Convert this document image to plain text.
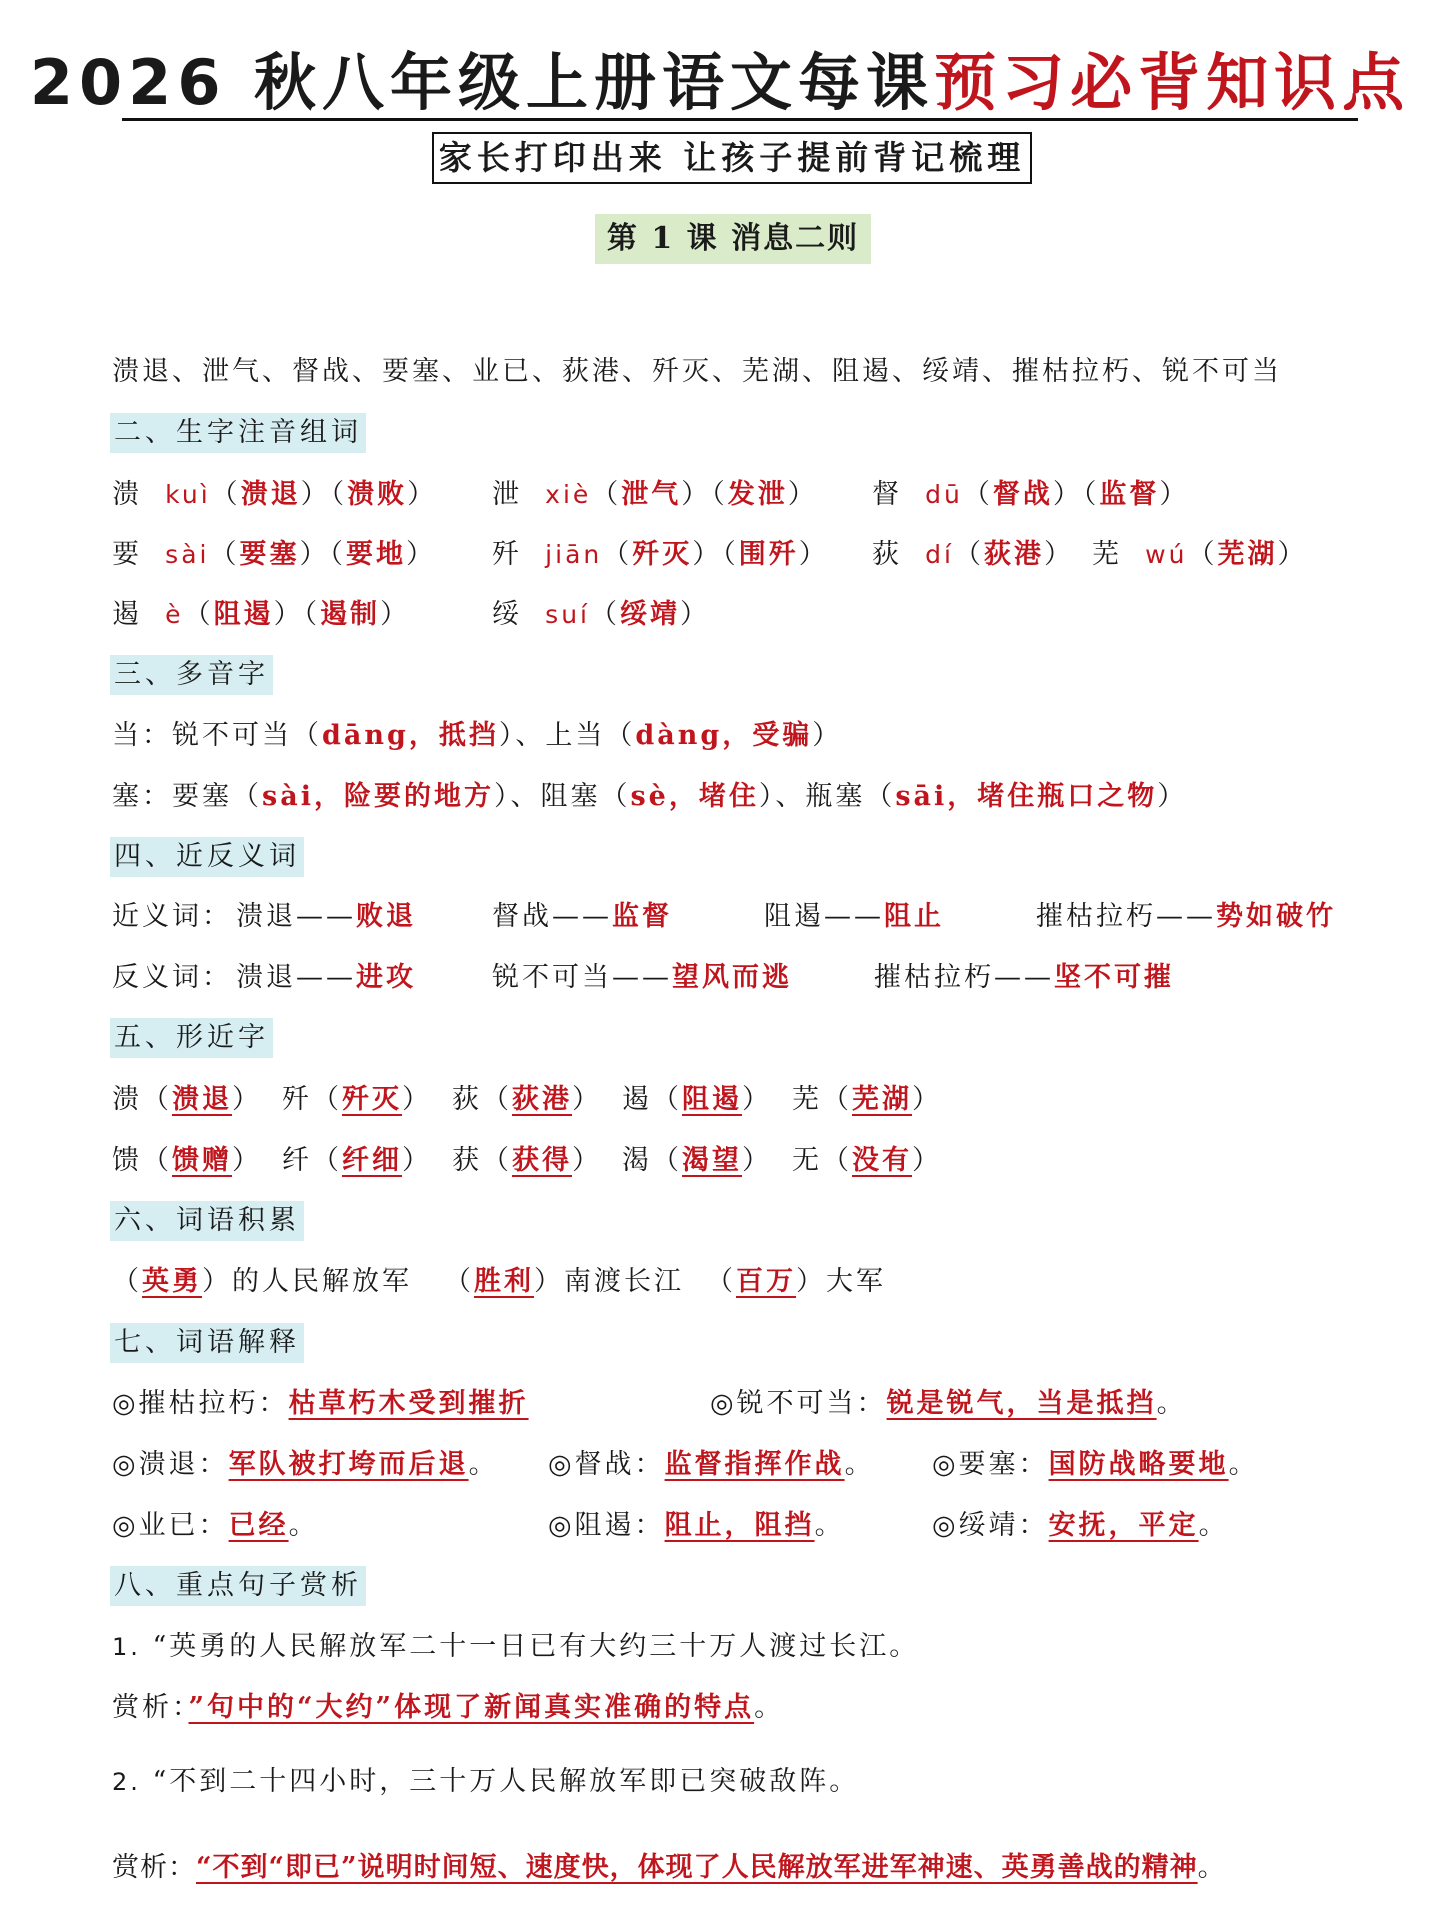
2026 秋八年级上册语文每课预习必背知识点
家长打印出来 让孩子提前背记梳理
第 1 课 消息二则
溃退、泄气、督战、要塞、业已、荻港、歼灭、芜湖、阻遏、绥靖、摧枯拉朽、锐不可当
二、生字注音组词
溃 kuì（溃退）（溃败） 泄 xiè（泄气）（发泄） 督 dū（督战）（监督）
要 sài（要塞）（要地） 歼 jiān（歼灭）（围歼） 荻 dí（荻港） 芜 wú（芜湖）
遏 è（阻遏）（遏制）	绥 suí（绥靖）
三、多音字
当：锐不可当（dāng，抵挡）、上当（dàng，受骗）
塞：要塞（sài，险要的地方）、阻塞（sè，堵住）、瓶塞（sāi，堵住瓶口之物）
四、近反义词
近义词： 溃退——败退	督战——监督	阻遏——阻止	摧枯拉朽——势如破竹
反义词： 溃退——进攻	锐不可当——望风而逃	摧枯拉朽——坚不可摧
五、形近字
溃（溃退） 歼（歼灭） 荻（荻港） 遏（阻遏） 芜（芜湖）
馈（馈赠） 纤（纤细） 获（获得） 渴（渴望） 无（没有）
六、词语积累
（英勇）的人民解放军 （胜利）南渡长江 （百万）大军
七、词语解释
◎摧枯拉朽：枯草朽木受到摧折	◎锐不可当：锐是锐气，当是抵挡。
◎溃退：军队被打垮而后退。 ◎督战：监督指挥作战。 ◎要塞：国防战略要地。
◎业已：已经。	◎阻遏：阻止，阻挡。	◎绥靖：安抚，平定。
八、重点句子赏析
1. “英勇的人民解放军二十一日已有大约三十万人渡过长江。
赏析：”句中的“大约”体现了新闻真实准确的特点。
2. “不到二十四小时，三十万人民解放军即已突破敌阵。
赏析：“不到“即已”说明时间短、速度快，体现了人民解放军进军神速、英勇善战的精神。
